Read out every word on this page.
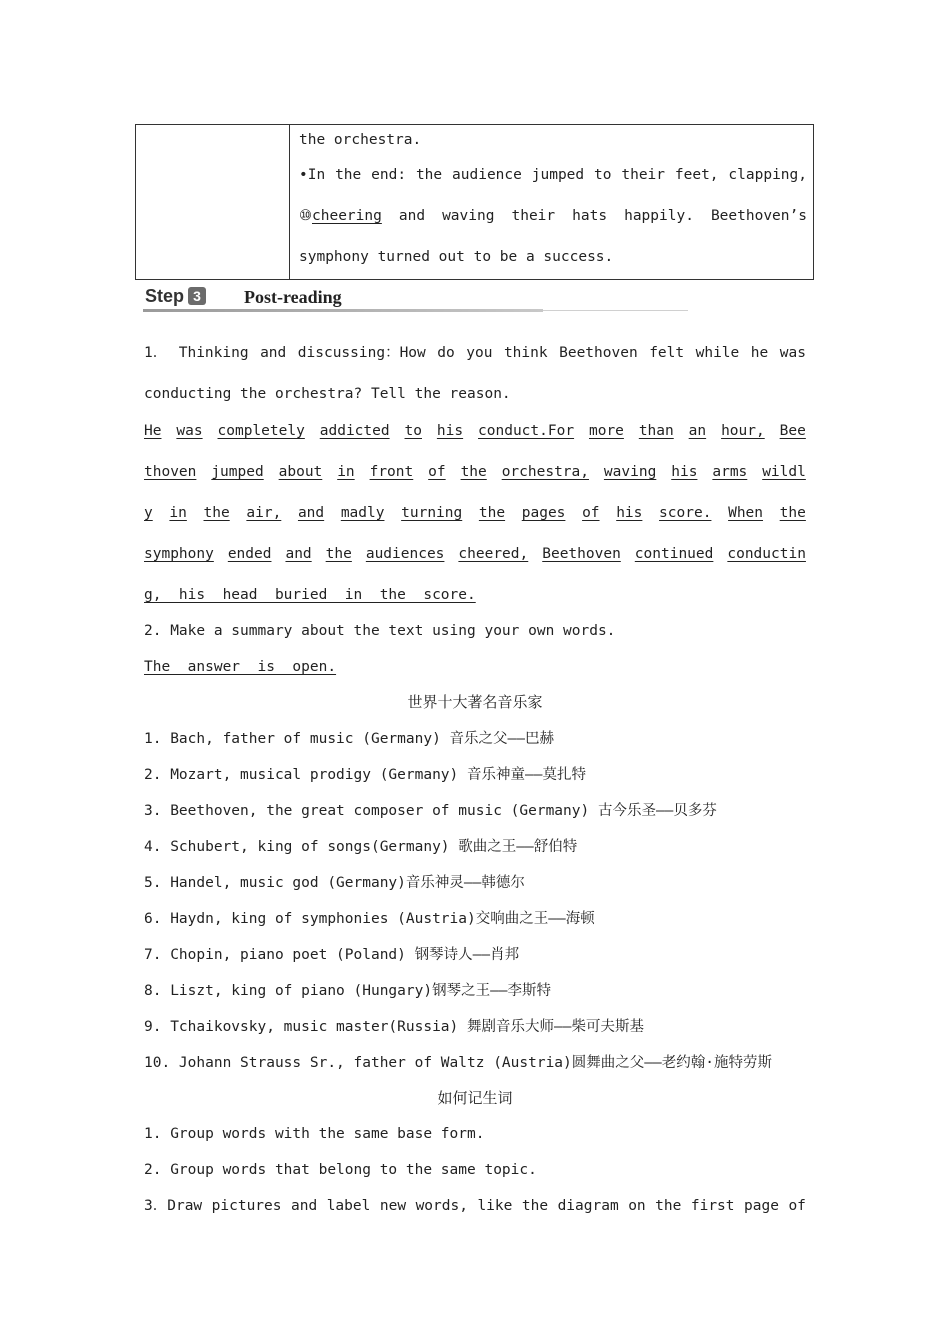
the orchestra.
•In the end: the audience jumped to their feet, clapping,
⑩cheering and waving their hats happily. Beethoven’s
symphony turned out to be a success.
Step 3 Post-reading
1． Thinking and discussing：How do you think Beethoven felt while he was
conducting the orchestra? Tell the reason.
He was completely addicted to his conduct.For more than an hour, Bee
thoven jumped about in front of the orchestra, waving his arms wildl
y in the air, and madly turning the pages of his score. When the
symphony ended and the audiences cheered, Beethoven continued conductin
g,  his  head  buried  in  the  score.
2. Make a summary about the text using your own words.
The  answer  is  open.
世界十大著名音乐家
1. Bach, father of music (Germany) 音乐之父——巴赫
2. Mozart, musical prodigy (Germany) 音乐神童——莫扎特
3. Beethoven, the great composer of music (Germany) 古今乐圣——贝多芬
4. Schubert, king of songs(Germany) 歌曲之王——舒伯特
5. Handel, music god (Germany)音乐神灵——韩德尔
6. Haydn, king of symphonies (Austria)交响曲之王——海顿
7. Chopin, piano poet (Poland) 钢琴诗人——肖邦
8. Liszt, king of piano (Hungary)钢琴之王——李斯特
9. Tchaikovsky, music master(Russia) 舞剧音乐大师——柴可夫斯基
10. Johann Strauss Sr., father of Waltz (Austria)圆舞曲之父——老约翰·施特劳斯
如何记生词
1. Group words with the same base form.
2. Group words that belong to the same topic.
3．Draw pictures and label new words, like the diagram on the first page of
